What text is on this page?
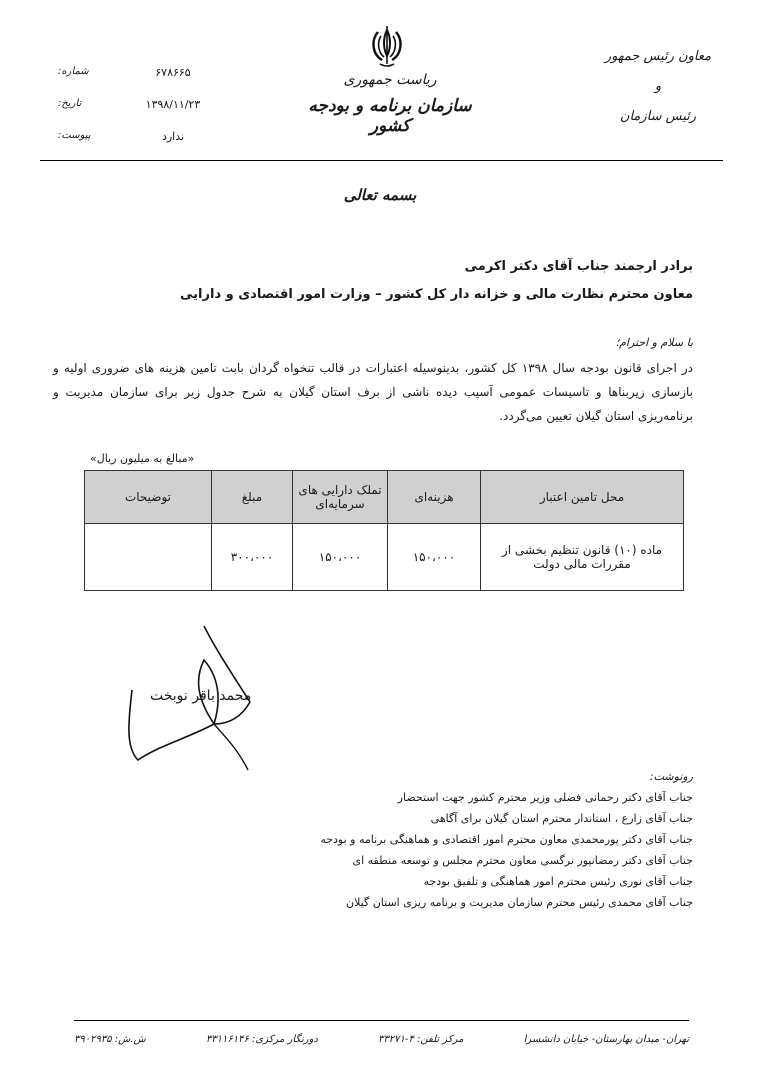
معاون رئیس جمهور
و
رئیس سازمان
ریاست جمهوری
سازمان برنامه و بودجه کشور
شماره:	۶۷۸۶۶۵
تاریخ:	۱۳۹۸/۱۱/۲۳
پیوست:	ندارد
بسمه تعالی
برادر ارجمند جناب آقای دکتر اکرمی
معاون محترم نظارت مالی و خزانه دار کل کشور – وزارت امور اقتصادی و دارایی
با سلام و احترام؛
در اجرای قانون بودجه سال ۱۳۹۸ کل کشور، بدینوسیله اعتبارات در قالب تنخواه گردان بابت تامین هزینه های ضروری اولیه و بازسازی زیربناها و تاسیسات عمومی آسیب دیده ناشی از برف استان گیلان به شرح جدول زیر برای سازمان مدیریت و برنامه‌ریزی استان گیلان تعیین می‌گردد.
«مبالغ به میلیون ریال»
محل تامین اعتبار	هزینه‌ای	تملک دارایی های سرمایه‌ای	مبلغ	توضیحات
ماده (۱۰) قانون تنظیم بخشی از مقررات مالی دولت	۱۵۰،۰۰۰	۱۵۰،۰۰۰	۳۰۰،۰۰۰	
محمد باقر نوبخت
رونوشت:
جناب آقای دکتر رحمانی فضلی وزیر محترم کشور جهت استحضار
جناب آقای زارع ، استاندار محترم استان گیلان برای آگاهی
جناب آقای دکتر پورمحمدی معاون محترم امور اقتصادی و هماهنگی برنامه و بودجه
جناب آقای دکتر رمضانپور نرگسی معاون محترم مجلس و توسعه منطقه ای
جناب آقای نوری رئیس محترم امور هماهنگی و تلفیق بودجه
جناب آقای محمدی رئیس محترم سازمان مدیریت و برنامه ریزی استان گیلان
تهران- میدان بهارستان- خیابان دانشسرا
مرکز تلفن: ۴-۳۳۲۷۱
دورنگار مرکزی: ۳۳۱۱۶۱۴۶
ش.ش: ۳۹۰۲۹۳۵
